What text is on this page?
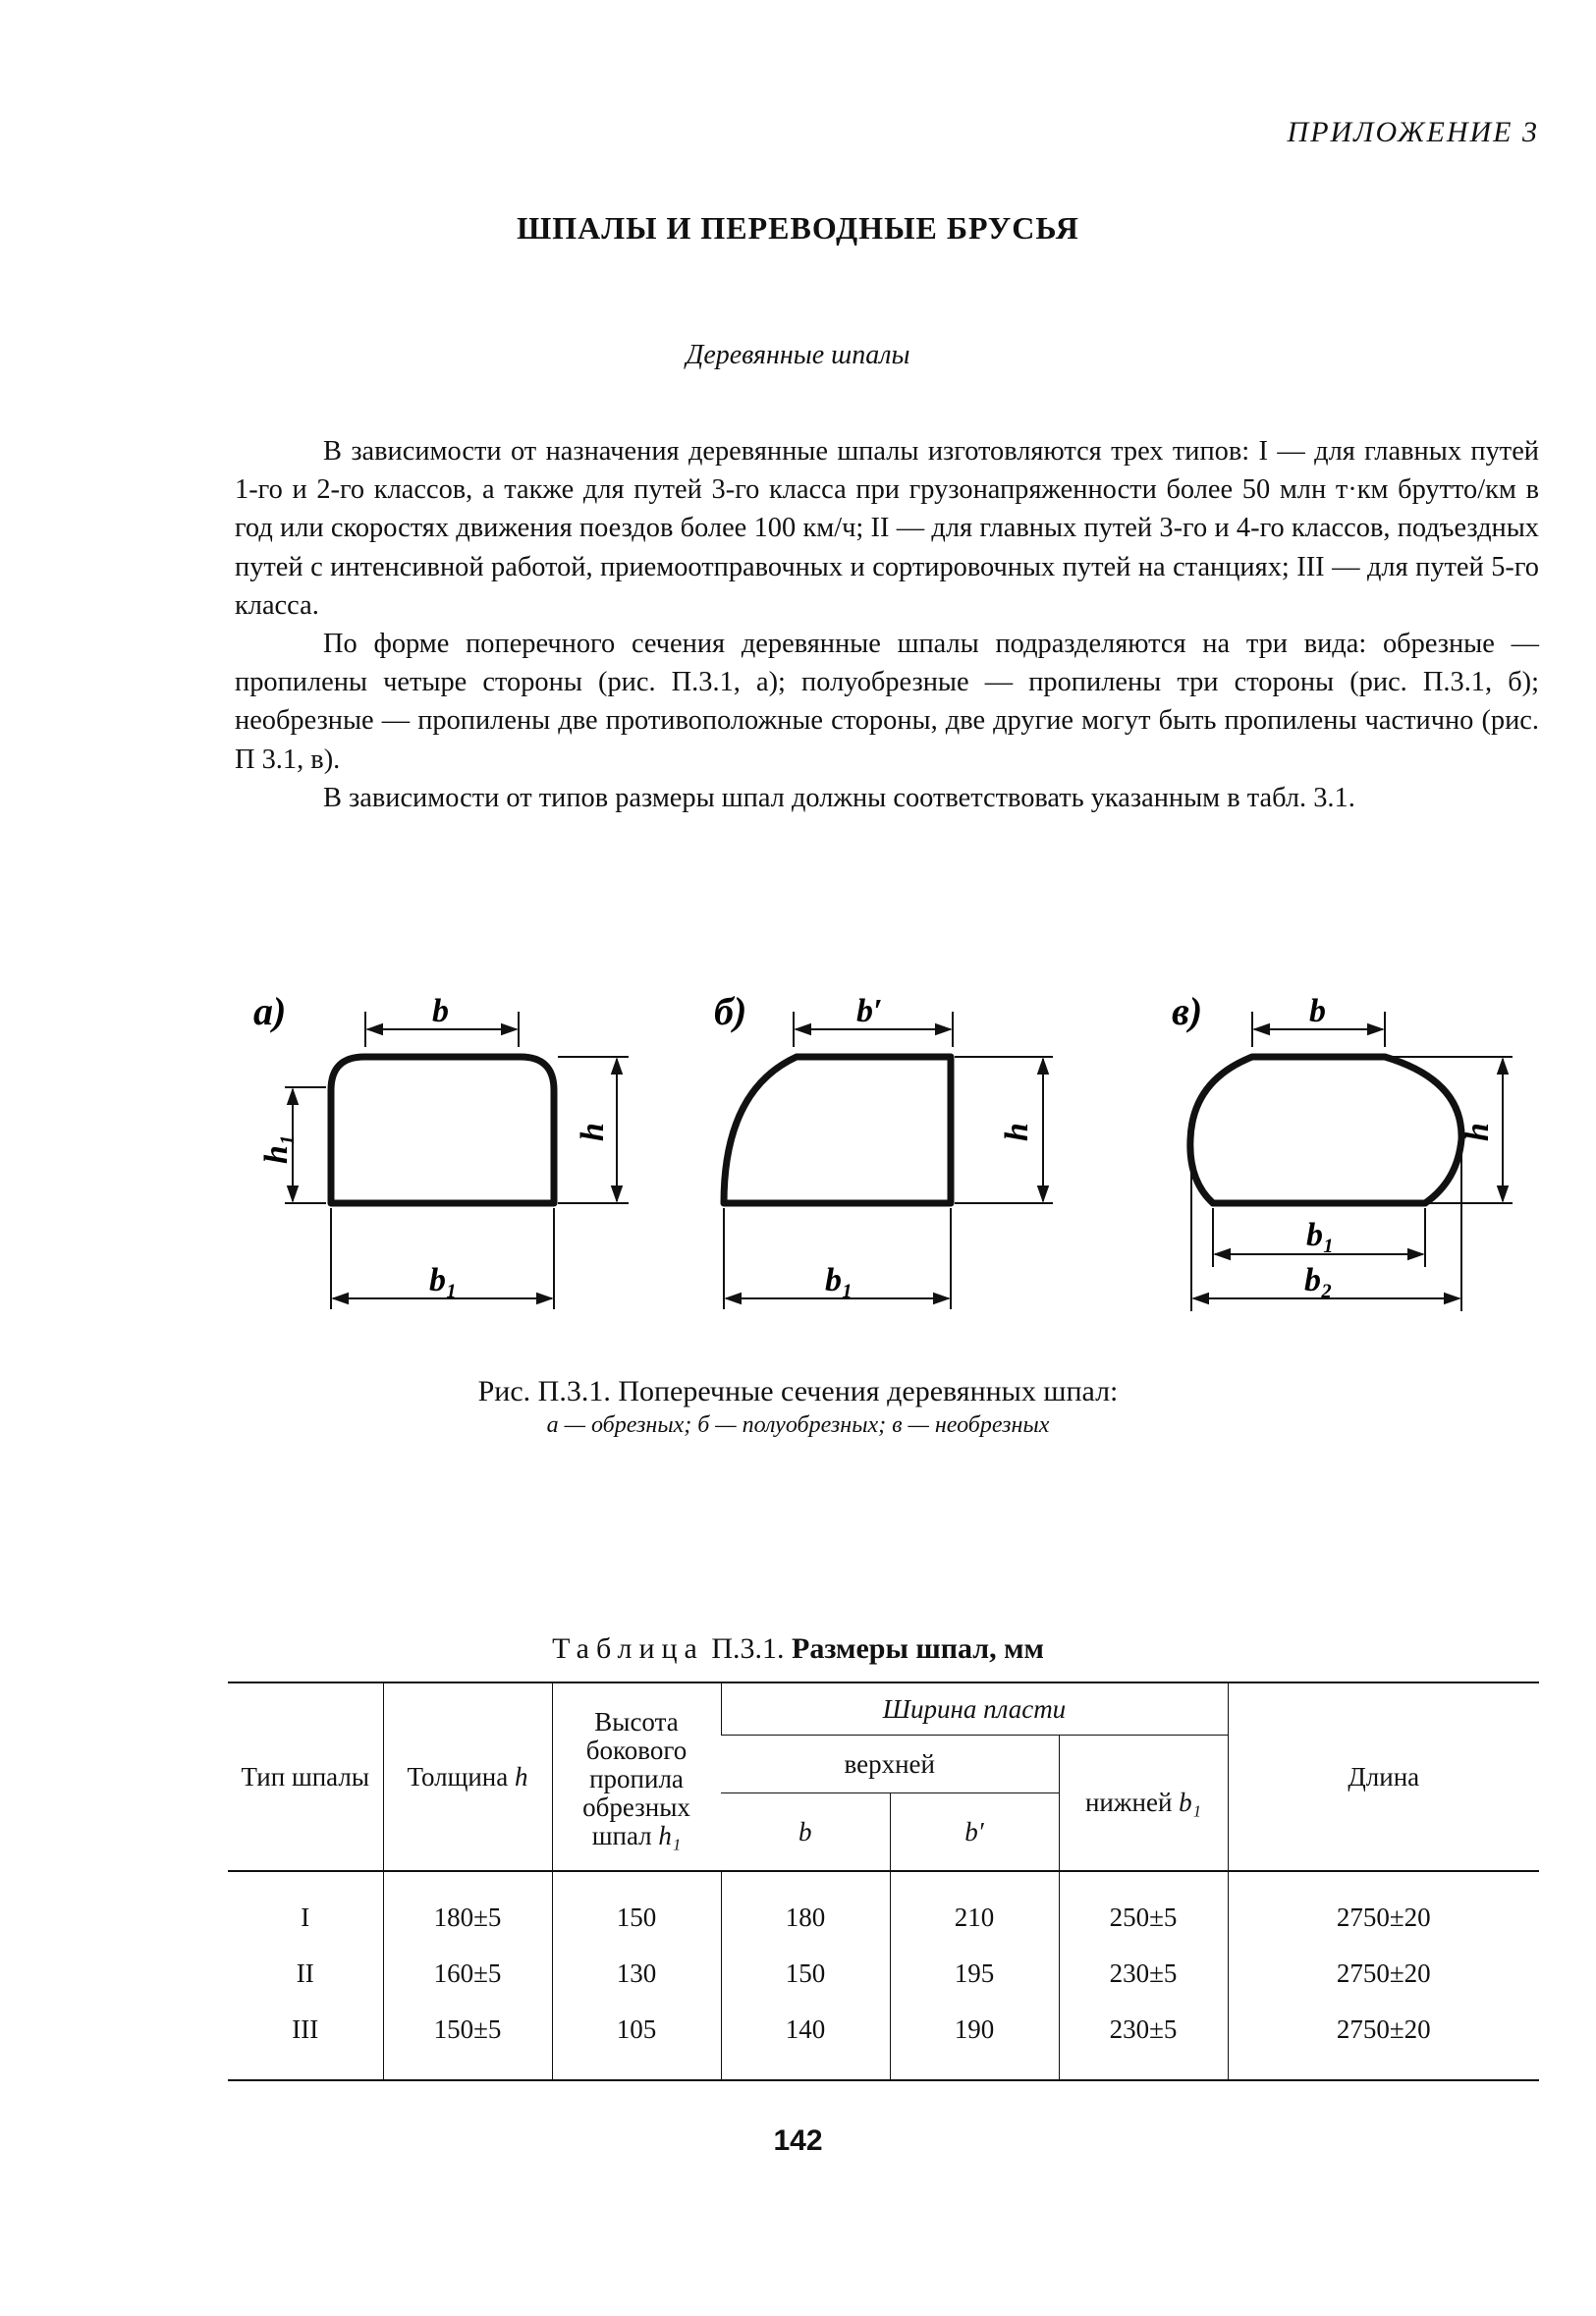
ПРИЛОЖЕНИЕ 3
ШПАЛЫ И ПЕРЕВОДНЫЕ БРУСЬЯ
Деревянные шпалы

В зависимости от назначения деревянные шпалы изготовляются трех типов: I — для главных путей 1-го и 2-го классов, а также для путей 3-го класса при грузонапряженности более 50 млн т·км брутто/км в год или скоростях движения поездов более 100 км/ч; II — для главных путей 3-го и 4-го классов, подъездных путей с интенсивной работой, приемоотправочных и сортировочных путей на станциях; III — для путей 5-го класса.

По форме поперечного сечения деревянные шпалы подразделяются на три вида: обрезные — пропилены четыре стороны (рис. П.3.1, а); полуобрезные — пропилены три стороны (рис. П.3.1, б); необрезные — пропилены две противоположные стороны, две другие могут быть пропилены частично (рис. П 3.1, в).

В зависимости от типов размеры шпал должны соответствовать указанным в табл. 3.1.

а)	b
h₁
h
b₁
б)	b′
h
b₁
в)	b
h
b₁
b₂
Рис. П.3.1. Поперечные сечения деревянных шпал:
а — обрезных; б — полуобрезных; в — необрезных
Таблица П.3.1. Размеры шпал, мм
Тип шпалы	Толщина h	Высота бокового пропила обрезных шпал h₁	Ширина пласти			Длина
			верхней		нижней b₁	
			b	b′		
I	180±5	150	180	210	250±5	2750±20
II	160±5	130	150	195	230±5	2750±20
III	150±5	105	140	190	230±5	2750±20
142
